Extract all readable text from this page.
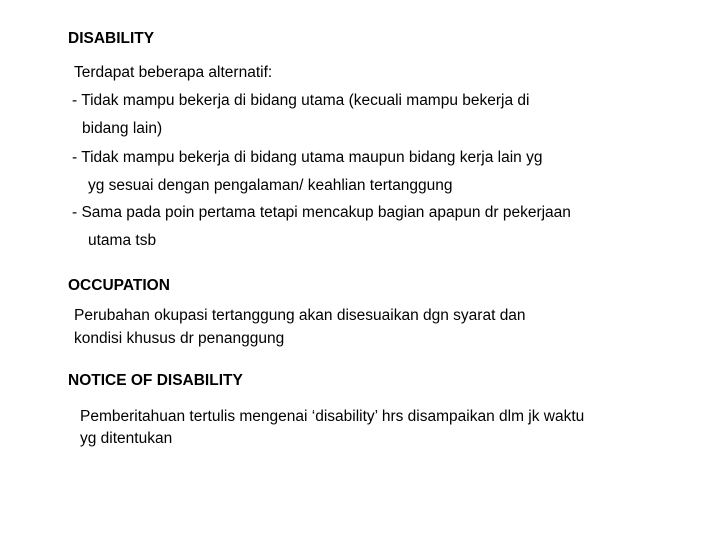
DISABILITY
Terdapat beberapa alternatif:
- Tidak mampu bekerja di bidang utama (kecuali mampu bekerja di
bidang lain)
- Tidak mampu bekerja di bidang utama maupun bidang kerja lain yg
yg sesuai dengan pengalaman/ keahlian tertanggung
- Sama pada poin pertama tetapi mencakup bagian apapun dr pekerjaan
utama tsb
OCCUPATION
Perubahan okupasi tertanggung akan disesuaikan dgn syarat dan
kondisi khusus dr penanggung
NOTICE OF DISABILITY
Pemberitahuan tertulis mengenai ‘disability’ hrs disampaikan dlm jk waktu
yg ditentukan
